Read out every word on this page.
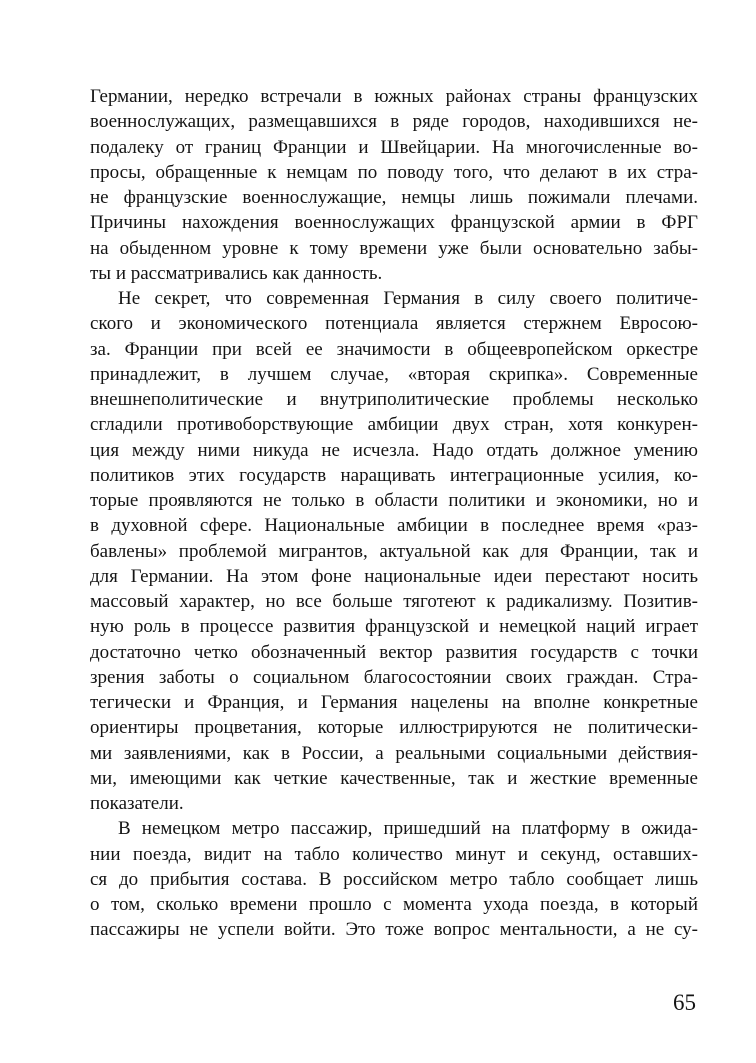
Германии, нередко встречали в южных районах страны французских
военнослужащих, размещавшихся в ряде городов, находившихся не-
подалеку от границ Франции и Швейцарии. На многочисленные во-
просы, обращенные к немцам по поводу того, что делают в их стра-
не французские военнослужащие, немцы лишь пожимали плечами.
Причины нахождения военнослужащих французской армии в ФРГ
на обыденном уровне к тому времени уже были основательно забы-
ты и рассматривались как данность.
Не секрет, что современная Германия в силу своего политиче-
ского и экономического потенциала является стержнем Евросою-
за. Франции при всей ее значимости в общеевропейском оркестре
принадлежит, в лучшем случае, «вторая скрипка». Современные
внешнеполитические и внутриполитические проблемы несколько
сгладили противоборствующие амбиции двух стран, хотя конкурен-
ция между ними никуда не исчезла. Надо отдать должное умению
политиков этих государств наращивать интеграционные усилия, ко-
торые проявляются не только в области политики и экономики, но и
в духовной сфере. Национальные амбиции в последнее время «раз-
бавлены» проблемой мигрантов, актуальной как для Франции, так и
для Германии. На этом фоне национальные идеи перестают носить
массовый характер, но все больше тяготеют к радикализму. Позитив-
ную роль в процессе развития французской и немецкой наций играет
достаточно четко обозначенный вектор развития государств с точки
зрения заботы о социальном благосостоянии своих граждан. Стра-
тегически и Франция, и Германия нацелены на вполне конкретные
ориентиры процветания, которые иллюстрируются не политически-
ми заявлениями, как в России, а реальными социальными действия-
ми, имеющими как четкие качественные, так и жесткие временные
показатели.
В немецком метро пассажир, пришедший на платформу в ожида-
нии поезда, видит на табло количество минут и секунд, оставших-
ся до прибытия состава. В российском метро табло сообщает лишь
о том, сколько времени прошло с момента ухода поезда, в который
пассажиры не успели войти. Это тоже вопрос ментальности, а не су-
65
